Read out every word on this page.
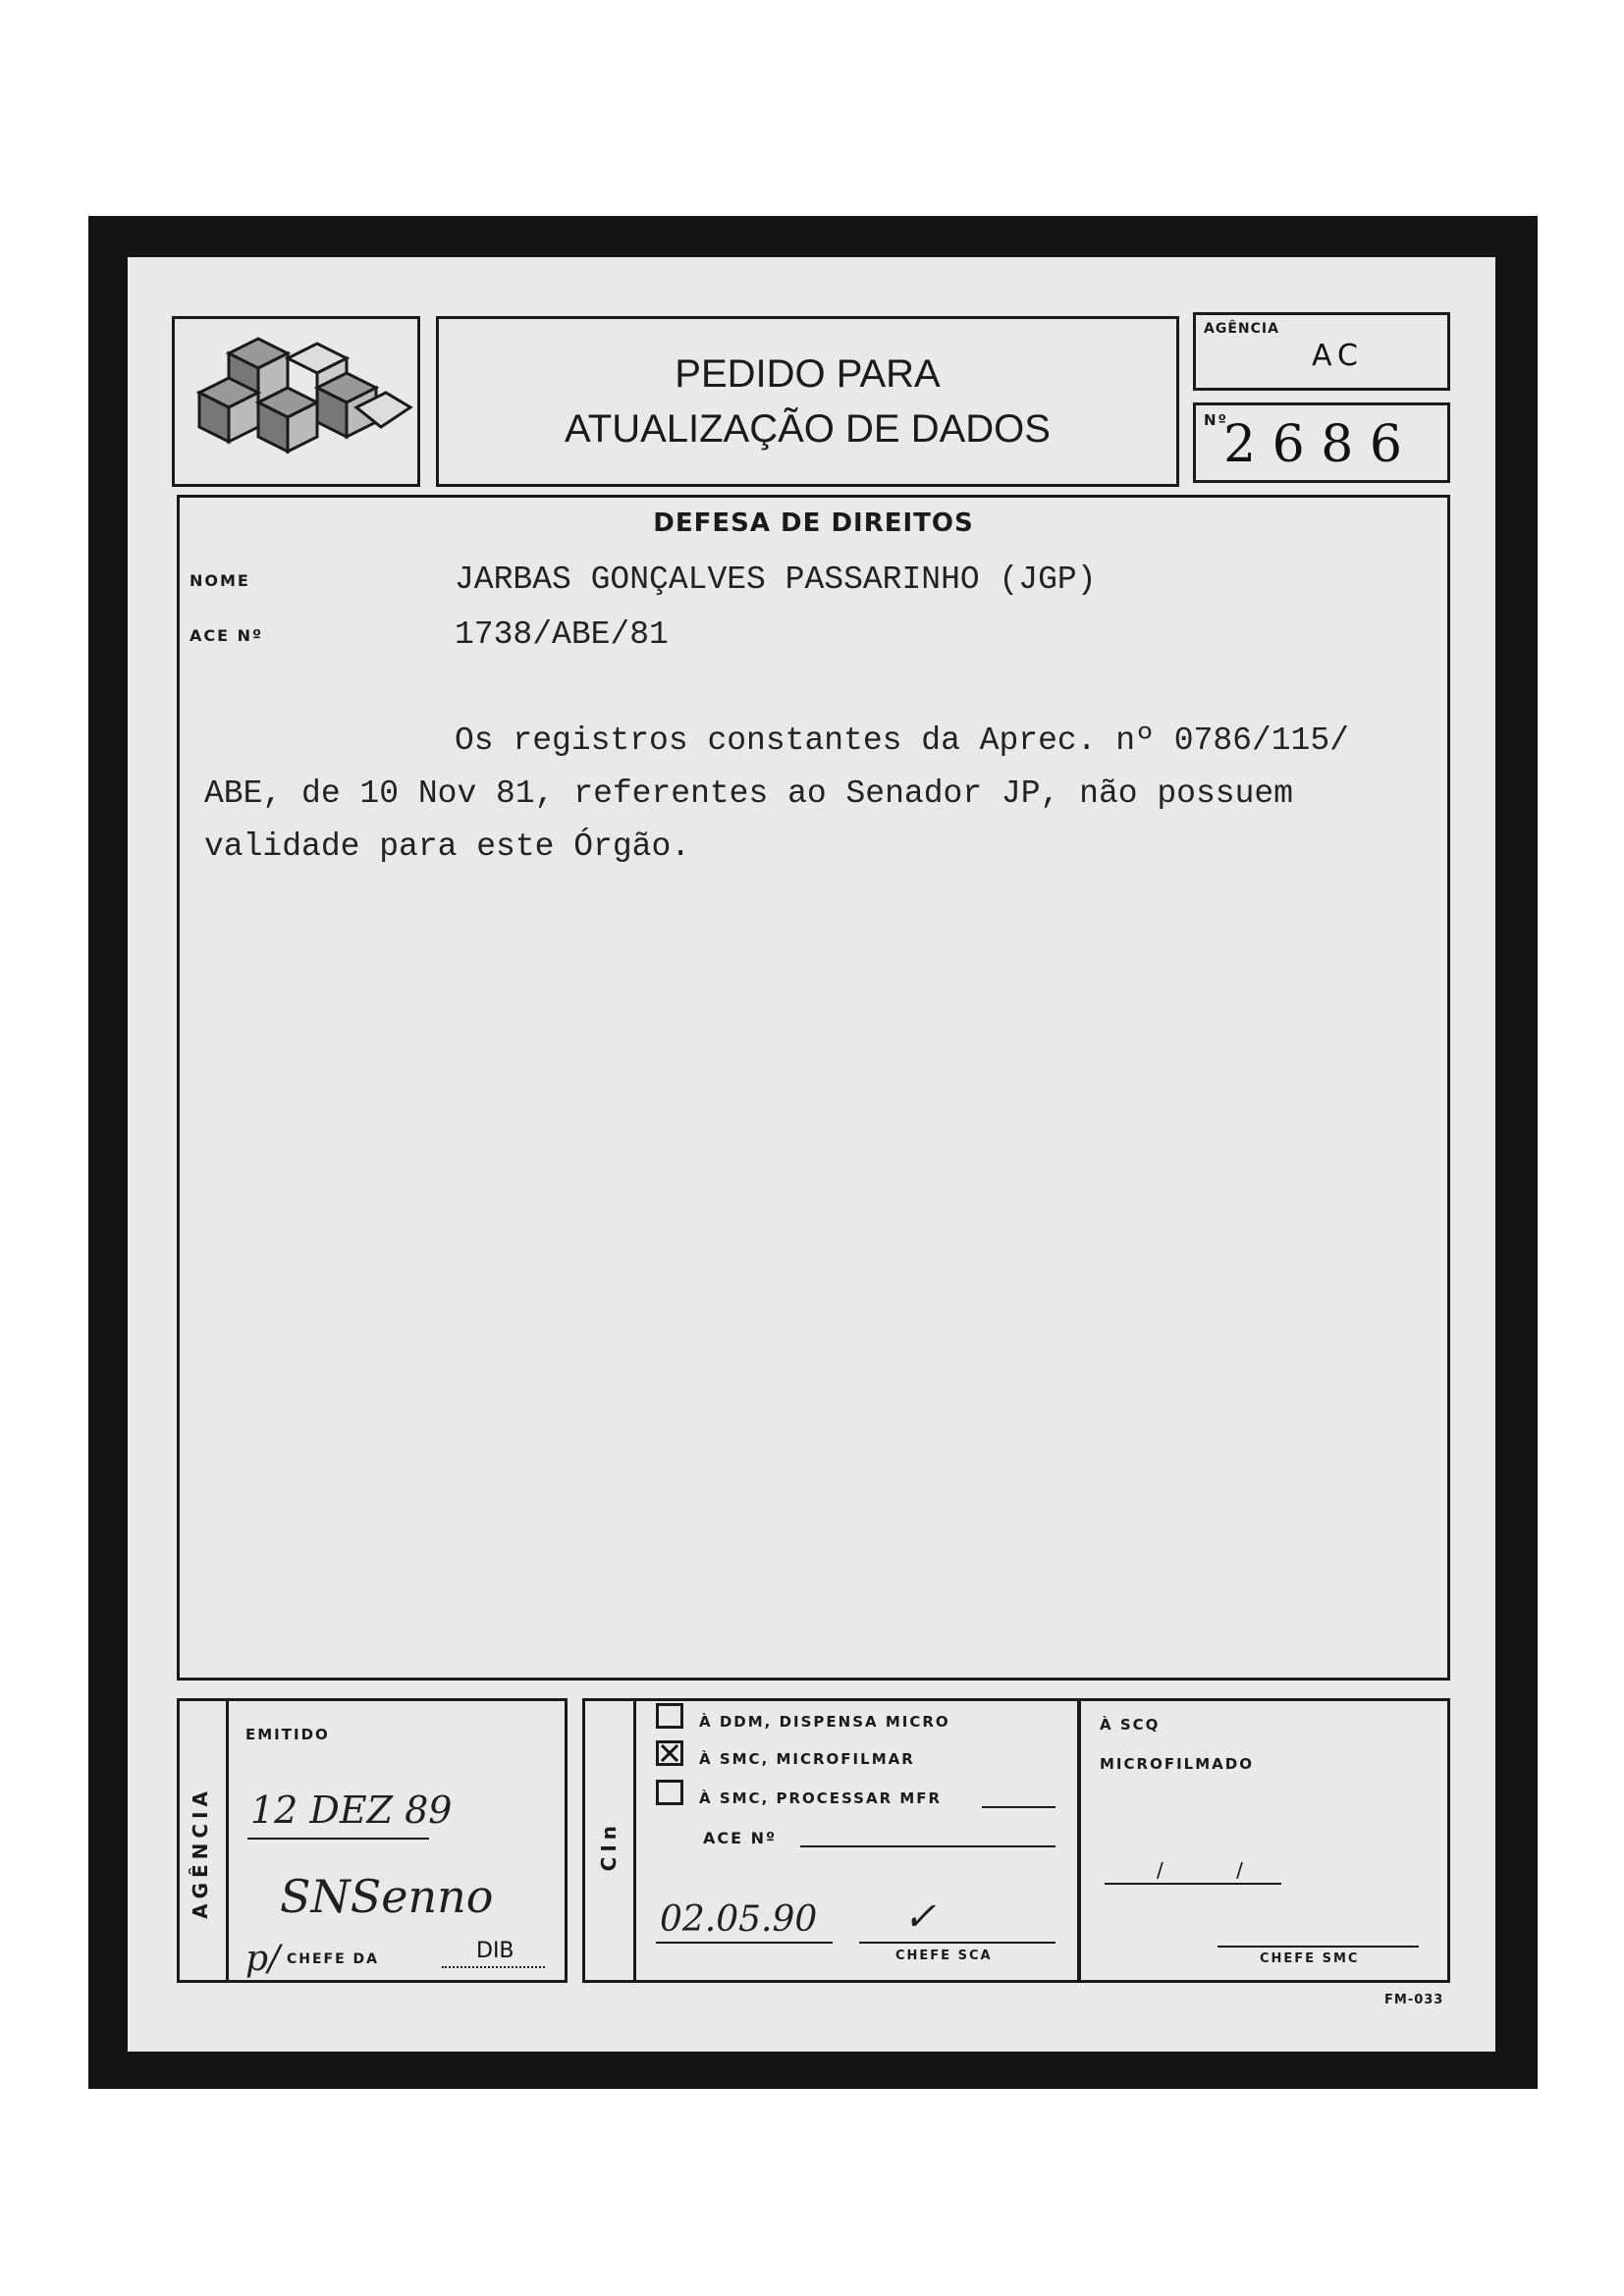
PEDIDO PARA
ATUALIZAÇÃO DE DADOS
AGÊNCIA
AC
Nº
2 6 8 6
DEFESA DE DIREITOS
NOME	JARBAS GONÇALVES PASSARINHO (JGP)
ACE Nº	1738/ABE/81
Os registros constantes da Aprec. nº 0786/115/
ABE, de 10 Nov 81, referentes ao Senador JP, não possuem
validade para este Órgão.
AGÊNCIA
EMITIDO
12 DEZ 89
SNSenno
p/ CHEFE DA	DIB
CIn
À DDM, DISPENSA MICRO
À SMC, MICROFILMAR
À SMC, PROCESSAR MFR
ACE Nº
02.05.90 ✓
CHEFE SCA
À SCQ
MICROFILMADO
/ /
CHEFE SMC
FM-033
